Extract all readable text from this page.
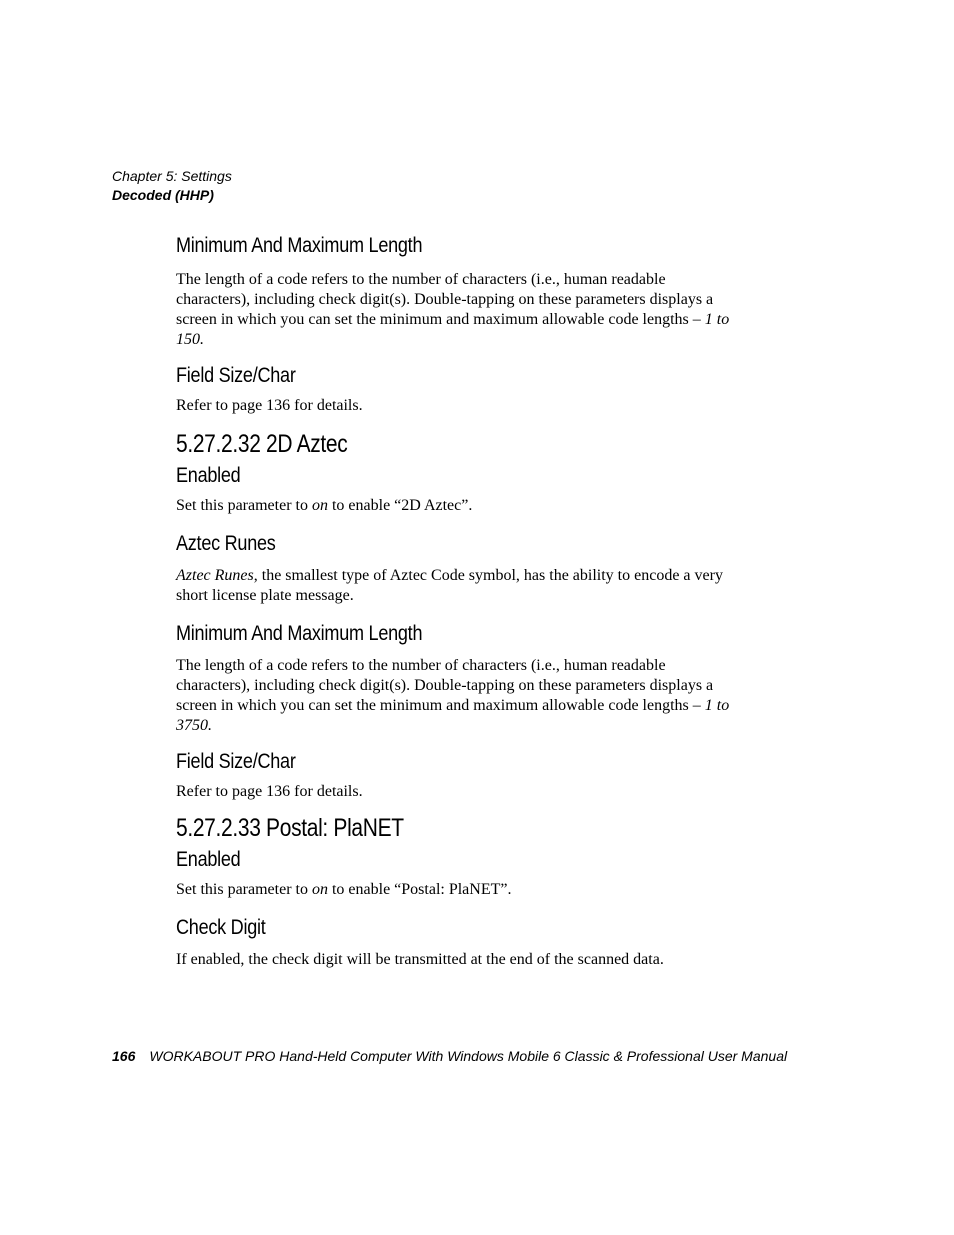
Chapter 5: Settings
Decoded (HHP)
Minimum And Maximum Length

The length of a code refers to the number of characters (i.e., human readable characters), including check digit(s). Double-tapping on these parameters displays a screen in which you can set the minimum and maximum allowable code lengths – 1 to 150.

Field Size/Char

Refer to page 136 for details.

5.27.2.32 2D Aztec
Enabled

Set this parameter to on to enable “2D Aztec”.

Aztec Runes

Aztec Runes, the smallest type of Aztec Code symbol, has the ability to encode a very short license plate message.

Minimum And Maximum Length

The length of a code refers to the number of characters (i.e., human readable characters), including check digit(s). Double-tapping on these parameters displays a screen in which you can set the minimum and maximum allowable code lengths – 1 to 3750.

Field Size/Char

Refer to page 136 for details.

5.27.2.33 Postal: PlaNET
Enabled

Set this parameter to on to enable “Postal: PlaNET”.

Check Digit

If enabled, the check digit will be transmitted at the end of the scanned data.

166 WORKABOUT PRO Hand-Held Computer With Windows Mobile 6 Classic & Professional User Manual
